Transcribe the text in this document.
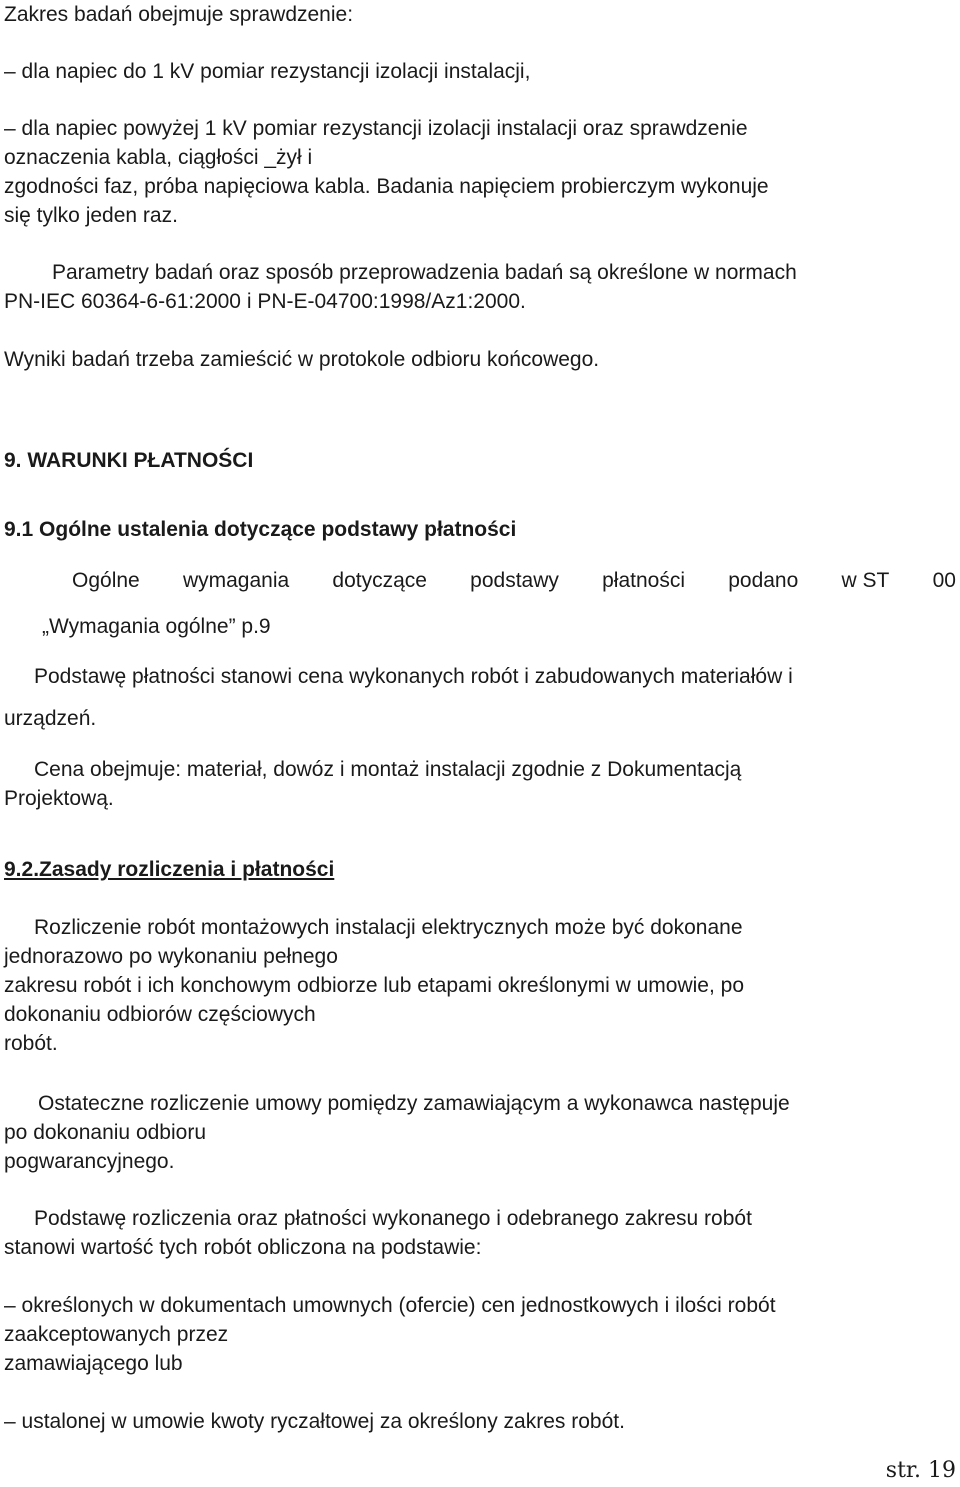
Zakres badań obejmuje sprawdzenie:

– dla napiec do 1 kV pomiar rezystancji izolacji instalacji,

– dla napiec powyżej 1 kV pomiar rezystancji izolacji instalacji oraz sprawdzenie

oznaczenia kabla, ciągłości _żył i

zgodności faz, próba napięciowa kabla. Badania napięciem probierczym wykonuje

się tylko jeden raz.

Parametry badań oraz sposób przeprowadzenia badań są określone w normach

PN-IEC 60364-6-61:2000 i PN-E-04700:1998/Az1:2000.

Wyniki badań trzeba zamieścić w protokole odbioru końcowego.

9. WARUNKI PŁATNOŚCI

9.1 Ogólne ustalenia dotyczące podstawy płatności

Ogólne wymagania dotyczące podstawy płatności podano w ST 00

„Wymagania ogólne” p.9

Podstawę płatności stanowi cena wykonanych robót i zabudowanych materiałów i

urządzeń.

Cena obejmuje: materiał, dowóz i montaż instalacji zgodnie z Dokumentacją

Projektową.

9.2.Zasady rozliczenia i płatności

Rozliczenie robót montażowych instalacji elektrycznych może być dokonane

jednorazowo po wykonaniu pełnego

zakresu robót i ich konchowym odbiorze lub etapami określonymi w umowie, po

dokonaniu odbiorów częściowych

robót.

Ostateczne rozliczenie umowy pomiędzy zamawiającym a wykonawca następuje

po dokonaniu odbioru

pogwarancyjnego.

Podstawę rozliczenia oraz płatności wykonanego i odebranego zakresu robót

stanowi wartość tych robót obliczona na podstawie:

– określonych w dokumentach umownych (ofercie) cen jednostkowych i ilości robót

zaakceptowanych przez

zamawiającego lub

– ustalonej w umowie kwoty ryczałtowej za określony zakres robót.

str. 19
